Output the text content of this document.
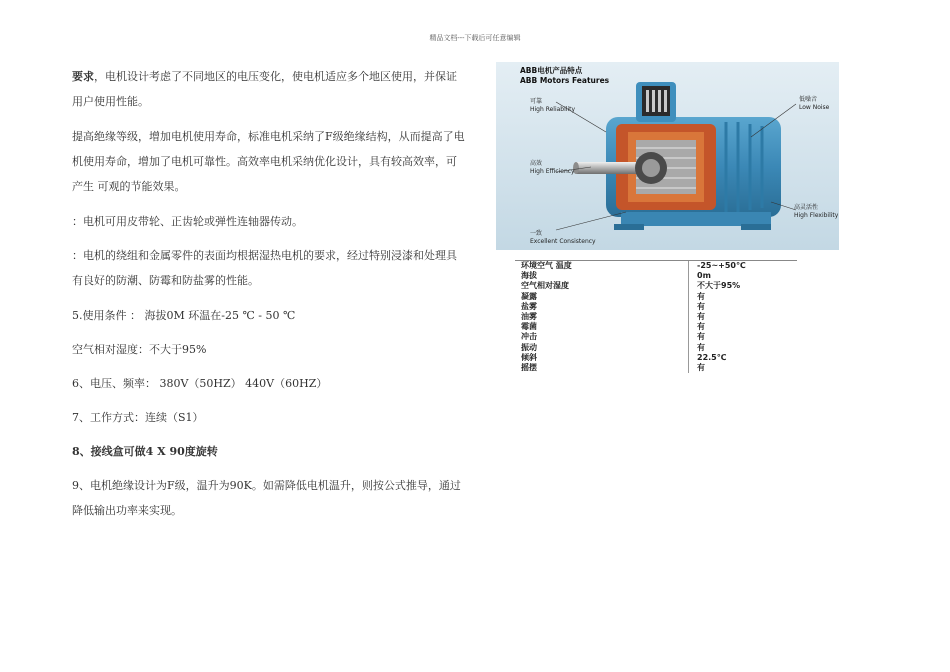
精品文档---下载后可任意编辑

要求，电机设计考虑了不同地区的电压变化，使电机适应多个地区使用，并保证用户使用性能。

提高绝缘等级，增加电机使用寿命，标准电机采纳了F级绝缘结构，从而提高了电机使用寿命，增加了电机可靠性。高效率电机采纳优化设计，具有较高效率，可产生 可观的节能效果。

：电机可用皮带轮、正齿轮或弹性连轴器传动。

：电机的绕组和金属零件的表面均根据湿热电机的要求，经过特别浸漆和处理具有良好的防潮、防霉和防盐雾的性能。

5.使用条件 ： 海拔0M 环温在-25 ℃ - 50 ℃

空气相对湿度：不大于95%

6、电压、频率： 380V（50HZ） 440V（60HZ）

7、工作方式：连续（S1）

8、接线盒可做4 X 90度旋转

9、电机绝缘设计为F级，温升为90K。如需降低电机温升，则按公式推导，通过降低输出功率来实现。

ABB电机产品特点
ABB Motors Features
可靠
High Reliability
高效
High Efficiency
一致
Excellent Consistency
低噪音
Low Noise
高灵活性
High Flexibility
环境空气 温度	-25~+50℃
海拔	0m
空气相对湿度	不大于95%
凝露	有
盐雾	有
油雾	有
霉菌	有
冲击	有
振动	有
倾斜	22.5℃
摇摆	有
